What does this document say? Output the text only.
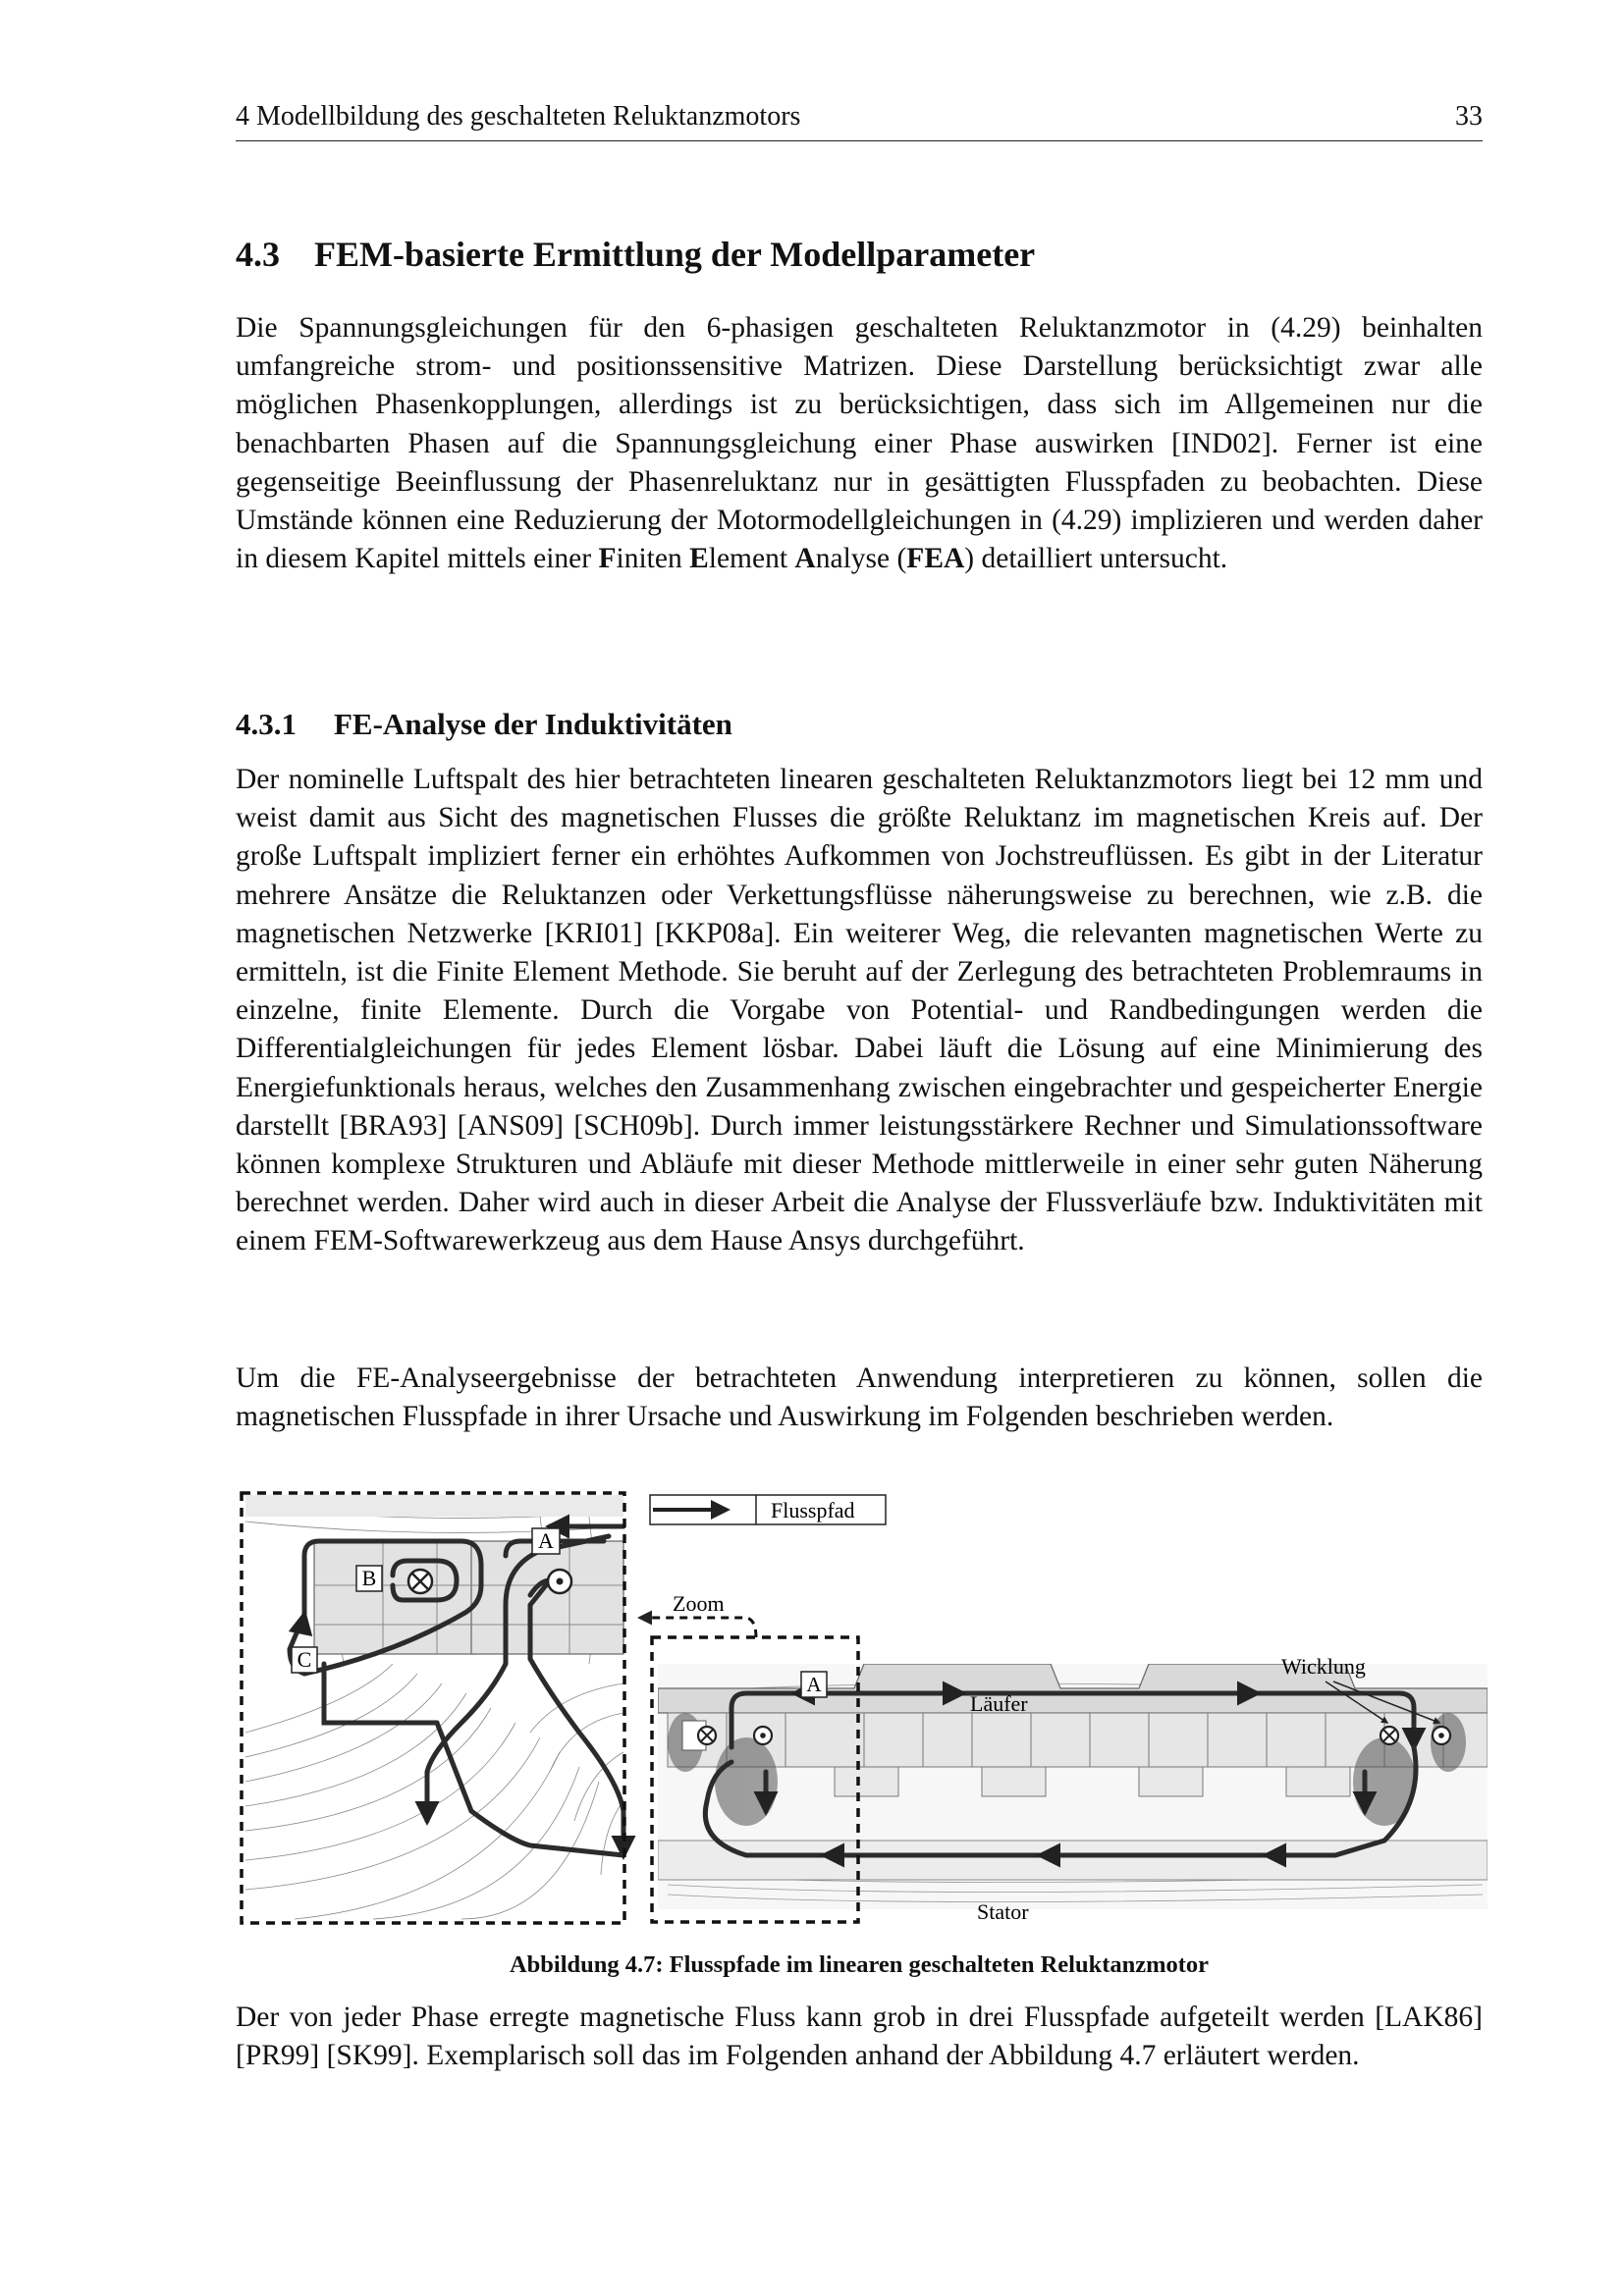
4 Modellbildung des geschalteten Reluktanzmotors	33
4.3 FEM-basierte Ermittlung der Modellparameter

Die Spannungsgleichungen für den 6-phasigen geschalteten Reluktanzmotor in (4.29) beinhalten umfangreiche strom- und positionssensitive Matrizen. Diese Darstellung berücksichtigt zwar alle möglichen Phasenkopplungen, allerdings ist zu berücksichtigen, dass sich im Allgemeinen nur die benachbarten Phasen auf die Spannungsgleichung einer Phase auswirken [IND02]. Ferner ist eine gegenseitige Beeinflussung der Phasenreluktanz nur in gesättigten Flusspfaden zu beobachten. Diese Umstände können eine Reduzierung der Motormodellgleichungen in (4.29) implizieren und werden daher in diesem Kapitel mittels einer Finiten Element Analyse (FEA) detailliert untersucht.

4.3.1 FE-Analyse der Induktivitäten

Der nominelle Luftspalt des hier betrachteten linearen geschalteten Reluktanzmotors liegt bei 12 mm und weist damit aus Sicht des magnetischen Flusses die größte Reluktanz im magnetischen Kreis auf. Der große Luftspalt impliziert ferner ein erhöhtes Aufkommen von Jochstreuflüssen. Es gibt in der Literatur mehrere Ansätze die Reluktanzen oder Verkettungsflüsse näherungsweise zu berechnen, wie z.B. die magnetischen Netzwerke [KRI01] [KKP08a]. Ein weiterer Weg, die relevanten magnetischen Werte zu ermitteln, ist die Finite Element Methode. Sie beruht auf der Zerlegung des betrachteten Problemraums in einzelne, finite Elemente. Durch die Vorgabe von Potential- und Randbedingungen werden die Differentialgleichungen für jedes Element lösbar. Dabei läuft die Lösung auf eine Minimierung des Energiefunktionals heraus, welches den Zusammenhang zwischen eingebrachter und gespeicherter Energie darstellt [BRA93] [ANS09] [SCH09b]. Durch immer leistungsstärkere Rechner und Simulationssoftware können komplexe Strukturen und Abläufe mit dieser Methode mittlerweile in einer sehr guten Näherung berechnet werden. Daher wird auch in dieser Arbeit die Analyse der Flussverläufe bzw. Induktivitäten mit einem FEM-Softwarewerkzeug aus dem Hause Ansys durchgeführt.

Um die FE-Analyseergebnisse der betrachteten Anwendung interpretieren zu können, sollen die magnetischen Flusspfade in ihrer Ursache und Auswirkung im Folgenden beschrieben werden.

A
B
C
Flusspfad
Zoom
A
Läufer
Wicklung
Stator
Abbildung 4.7: Flusspfade im linearen geschalteten Reluktanzmotor

Der von jeder Phase erregte magnetische Fluss kann grob in drei Flusspfade aufgeteilt werden [LAK86] [PR99] [SK99]. Exemplarisch soll das im Folgenden anhand der Abbildung 4.7 erläutert werden.
